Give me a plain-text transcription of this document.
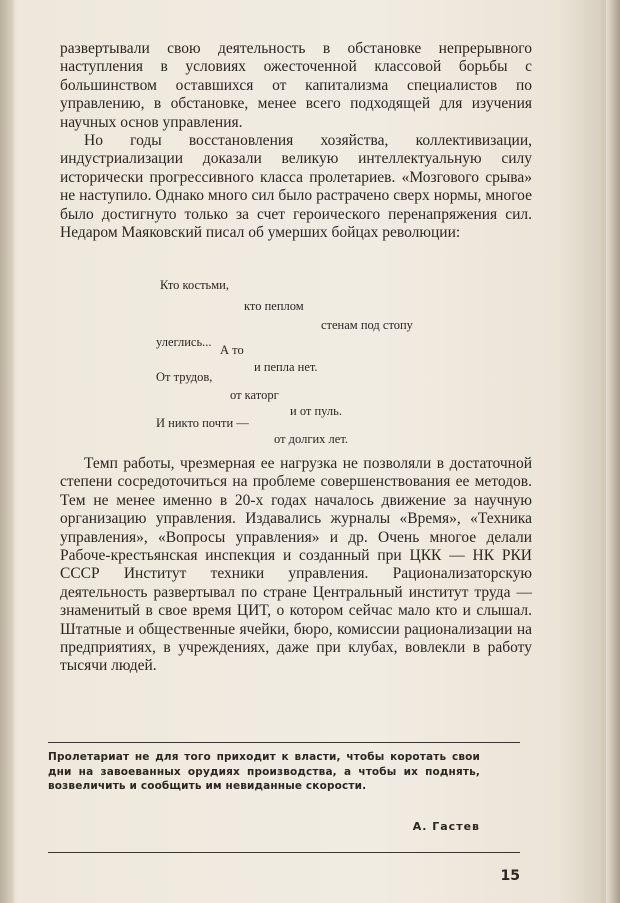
развертывали свою деятельность в обстановке непрерывного наступления в условиях ожесточенной классовой борьбы с большинством оставшихся от капитализма специалистов по управлению, в обстановке, менее всего подходящей для изучения научных основ управления.

Но годы восстановления хозяйства, коллективизации, индустриализации доказали великую интеллектуальную силу исторически прогрессивного класса пролетариев. «Мозгового срыва» не наступило. Однако много сил было растрачено сверх нормы, многое было достигнуто только за счет героического перенапряжения сил. Недаром Маяковский писал об умерших бойцах революции:

Кто костьми,
кто пеплом
стенам под стопу
улеглись...
А то
и пепла нет.
От трудов,
от каторг
и от пуль.
И никто почти —
от долгих лет.

Темп работы, чрезмерная ее нагрузка не позволяли в достаточной степени сосредоточиться на проблеме совершенствования ее методов. Тем не менее именно в 20-х годах началось движение за научную организацию управления. Издавались журналы «Время», «Техника управления», «Вопросы управления» и др. Очень многое делали Рабоче-крестьянская инспекция и созданный при ЦКК — НК РКИ СССР Институт техники управления. Рационализаторскую деятельность развертывал по стране Центральный институт труда — знаменитый в свое время ЦИТ, о котором сейчас мало кто и слышал. Штатные и общественные ячейки, бюро, комиссии рационализации на предприятиях, в учреждениях, даже при клубах, вовлекли в работу тысячи людей.

Пролетариат не для того приходит к власти, чтобы коротать свои дни на завоеванных орудиях производства, а чтобы их поднять, возвеличить и сообщить им невиданные скорости.
А. Гастев
15
